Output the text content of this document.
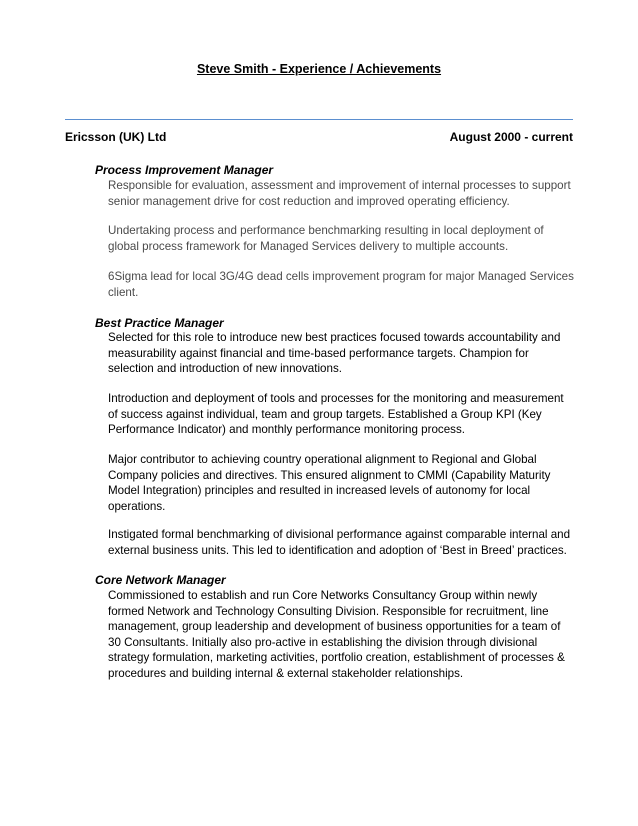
Steve Smith - Experience / Achievements
Ericsson (UK) Ltd	August 2000 - current
Process Improvement Manager
Responsible for evaluation, assessment and improvement of internal processes to support senior management drive for cost reduction and improved operating efficiency.
Undertaking process and performance benchmarking resulting in local deployment of global process framework for Managed Services delivery to multiple accounts.
6Sigma lead for local 3G/4G dead cells improvement program for major Managed Services client.
Best Practice Manager
Selected for this role to introduce new best practices focused towards accountability and measurability against financial and time-based performance targets. Champion for selection and introduction of new innovations.
Introduction and deployment of tools and processes for the monitoring and measurement of success against individual, team and group targets. Established a Group KPI (Key Performance Indicator) and monthly performance monitoring process.
Major contributor to achieving country operational alignment to Regional and Global Company policies and directives. This ensured alignment to CMMI (Capability Maturity Model Integration) principles and resulted in increased levels of autonomy for local operations.
Instigated formal benchmarking of divisional performance against comparable internal and external business units. This led to identification and adoption of ‘Best in Breed’ practices.
Core Network Manager
Commissioned to establish and run Core Networks Consultancy Group within newly formed Network and Technology Consulting Division. Responsible for recruitment, line management, group leadership and development of business opportunities for a team of 30 Consultants. Initially also pro-active in establishing the division through divisional strategy formulation, marketing activities, portfolio creation, establishment of processes & procedures and building internal & external stakeholder relationships.
